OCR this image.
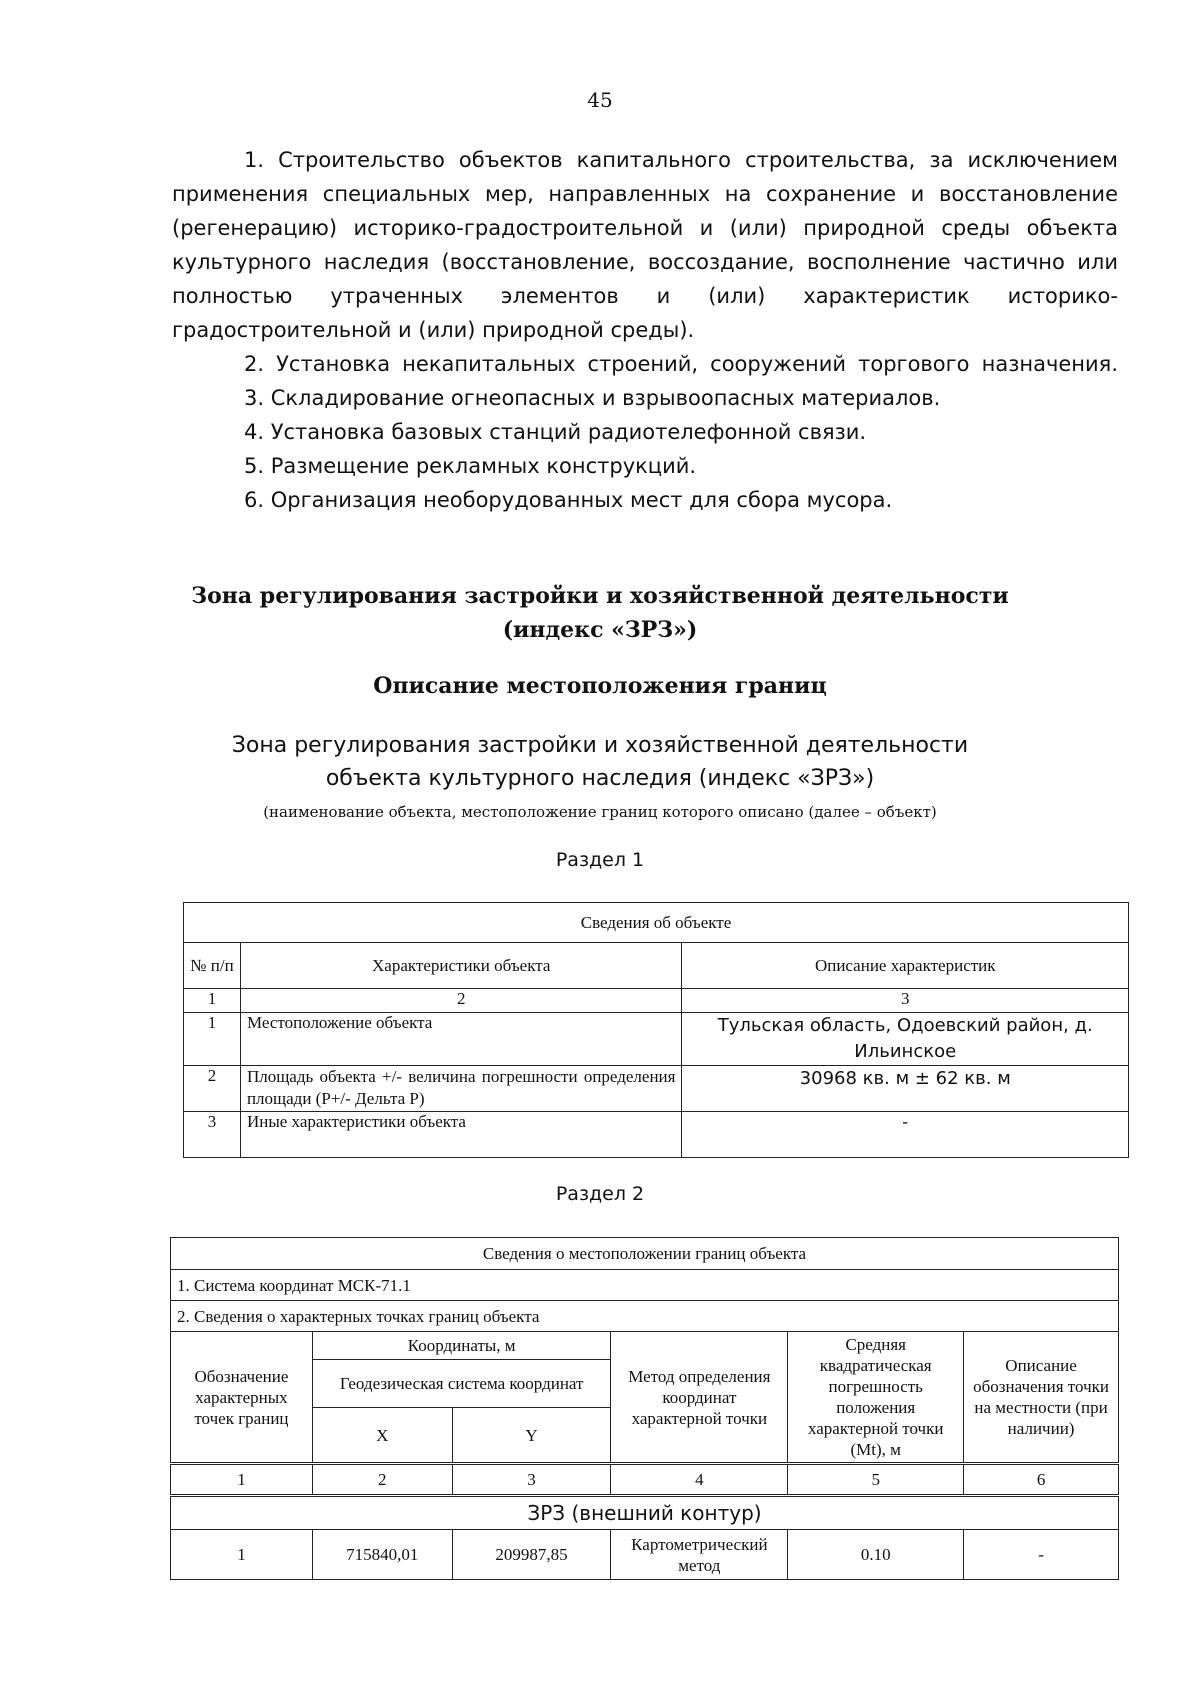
45

1. Строительство объектов капитального строительства, за исключением применения специальных мер, направленных на сохранение и восстановление (регенерацию) историко-градостроительной и (или) природной среды объекта культурного наследия (восстановление, воссоздание, восполнение частично или полностью утраченных элементов и (или) характеристик историко-градостроительной и (или) природной среды).

2. Установка некапитальных строений, сооружений торгового назначения.

3. Складирование огнеопасных и взрывоопасных материалов.

4. Установка базовых станций радиотелефонной связи.

5. Размещение рекламных конструкций.

6. Организация необорудованных мест для сбора мусора.

Зона регулирования застройки и хозяйственной деятельности
(индекс «ЗРЗ»)
Описание местоположения границ
Зона регулирования застройки и хозяйственной деятельности
объекта культурного наследия (индекс «ЗРЗ»)
(наименование объекта, местоположение границ которого описано (далее – объект)
Раздел 1
Сведения об объекте		
№ п/п	Характеристики объекта	Описание характеристик
1	2	3
1	Местоположение объекта	Тульская область, Одоевский район, д. Ильинское
2	Площадь объекта +/- величина погрешности определения площади (Р+/- Дельта Р)	30968 кв. м ± 62 кв. м
3	Иные характеристики объекта	-
Раздел 2
Сведения о местоположении границ объекта					
1. Система координат МСК-71.1					
2. Сведения о характерных точках границ объекта					
Обозначение характерных точек границ	Координаты, м		Метод определения координат характерной точки	Средняя квадратическая погрешность положения характерной точки (Mt), м	Описание обозначения точки на местности (при наличии)
	Геодезическая система координат				
	X	Y			
1	2	3	4	5	6
ЗРЗ (внешний контур)					
1	715840,01	209987,85	Картометрический метод	0.10	-
